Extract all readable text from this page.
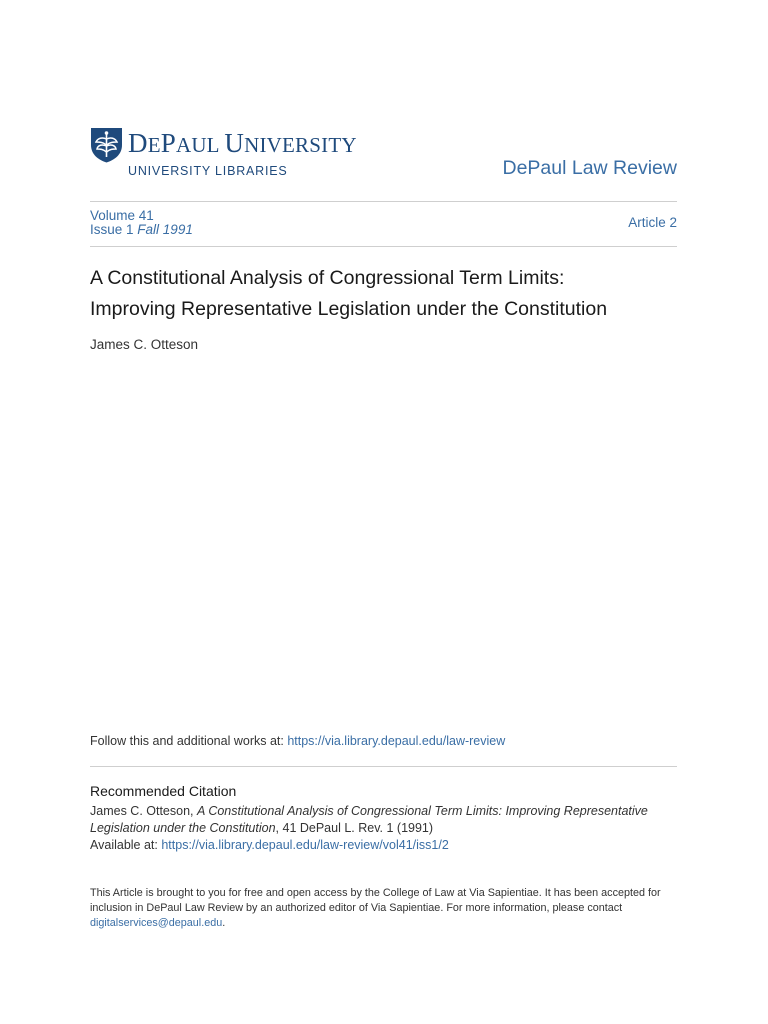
DEPAUL UNIVERSITY
UNIVERSITY LIBRARIES	DePaul Law Review
Volume 41
Issue 1 Fall 1991	Article 2
A Constitutional Analysis of Congressional Term Limits:
Improving Representative Legislation under the Constitution
James C. Otteson
Follow this and additional works at: https://via.library.depaul.edu/law-review
Recommended Citation
James C. Otteson, A Constitutional Analysis of Congressional Term Limits: Improving Representative Legislation under the Constitution, 41 DePaul L. Rev. 1 (1991)
Available at: https://via.library.depaul.edu/law-review/vol41/iss1/2
This Article is brought to you for free and open access by the College of Law at Via Sapientiae. It has been accepted for inclusion in DePaul Law Review by an authorized editor of Via Sapientiae. For more information, please contact digitalservices@depaul.edu.
